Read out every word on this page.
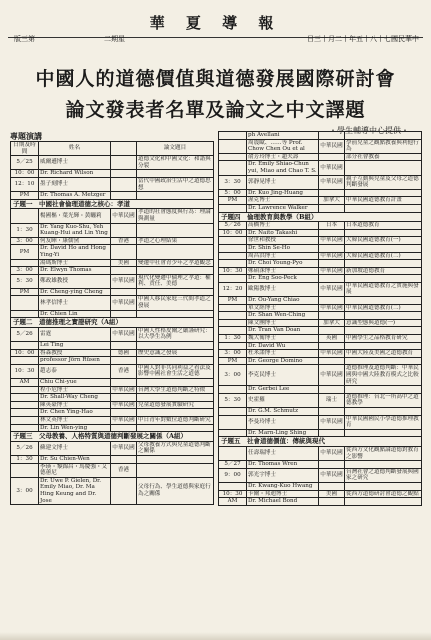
華 夏 導 報
版三第	二期星	日三十月二十年五十八十七國民華中
中國人的道德價值與道德發展國際研討會
論文發表者名單及論文之中文譯題
・學生輔導中心提供・
專題演講
日期及時間	姓名		論文題目
5／25	威爾遜博士		道德文化和中國文化：和諧與分裂
10：00	Dr. Richard Wilson		
12：10	墨子刻博士		當代中國政治生活中之道德思想
PM	Dr. Thomas A. Metzger		
子題一　中國社會倫理道德之核心：孝道			
	楊國樞・葉光輝・黃曬莉	中華民國	孝道的社會態度與行為：理論與測量
1：30	Dr. Yang Kuo-Shu, Yeh Kuang-Hui and Lin Ying		
3：00	何友暉・康儒黛	香港	孝道之心理結果
PM	Dr. David Ho and Hong Ying-Yi		
	湯瑪斯博士	美國	變遷中社會青少年之孝道觀念
3：00	Dr. Elwyn Thomas		
5：30	鄭政雄教授	中華民國	現代化變遷中倫理之孝道：權利、責任、美德
PM	Dr. Cheng-ying Cheng		
	林孝信博士	中華民國	中國人移民家庭三代間孝道之發展
	Dr. Chien Lin		
子題二　道德推理之實證研究（A組）			
5／26	雷霆	中華民國	中國人性格皮爾之嚴謹研究：以大學生為例
	Lei Ting		
10：00	魯森教授	德國	歷史意識之發展
	professor Jörn Rüsen		
10：30	趙志泰	香港	中國人對非共同利益之看法及影響中國社會生活之道德
AM	Chiu Chi-yue		
	程小危博士	中華民國	台灣大學生道德判斷之特徵
	Dr. Shall-Way Cheng		
	陳英豪博士	中華民國	兒童道德發展實驗研究
	Dr. Chen Ying-Hao		
	林文英博士	中華民國	中日青年對數位道德判斷研究
	Dr. Lin Wen-ying		
子題三　父母教養、人格特質與道德判斷發展之關係（A組）			
5／26	蘇建文博士	中華民國	父母教養方式與兒童道德判斷之關係
1：30	Dr. Su Chien-Wen		
	李瑛・黎錦昌・馬慶強・艾德蕙尼	香港	
3：00	Dr. Uwe P. Gielen, Dr. Emily Miao, Dr. Ma Hing Keung and Dr. Jose		父母行為、學生道德與家庭行為之關係
	ph Avellani		
	周震歐、……等 Prof. Chow Chen Ou et al	中華民國	學前兒童之觀點教養與利他行為
	俞芳玲博士・趙夫壽		部分社會教養
	Dr. Emily Shiao-Chun yui, Miao and Chao T. S.	中華民國	
3：30	郭靜晃博士	中華民國	親子互動與兒童及父母之道德判斷發展
5：00	Dr. Kuo Jing-Huang		
PM	渥克博士	加拿大	中華民國道德教育計畫
	Dr. Lawrence Walker		
子題四　倫理教育與教學（B組）			
5／26	高橋博士	日本	日本道德教育
10：00	Dr. Naito Takashi		
	徐世和教授	中華民國	大韓民國道德教育(一)
	Dr. Shin Se-Ho		
	周昌洪博士	中華民國	大韓民國道德教育(二)
	Dr. Choi Young-Pyo		
10：30	鄭碩洙博士	中華民國	新加坡道德教育
	Dr. Eng Soo-Peck		
12：20	歐陽教博士	中華民國	中華民國道德教育之實施與發展
PM	Dr. Ou-Yang Chiao		
	單文經博士	中華民國	中華民國道德教育(二)
	Dr. Shan Wen-Ching		
	陳文團博士	加拿大	意識型態與道德(一)
	Dr. Tran Van Doan		
1：30	魏大衛博士	英國	中國學生之品格教育研究
	Dr. David Wu		
3：00	杜米諾博士	中華民國	中國大陸及美國之道德教育
PM	Dr. George Domino		
3：00	李克民博士	中華民國	道德推理及道德判斷：中華民國與中國大陸教育模式之比較研究
	Dr. Gerbei Lee		
5：30	史霍羅	瑞士	道德推理：台北一所高中之道德教學
	Dr. G.M. Schmutz		
	李曼玲博士	中華民國	中華民國國民小學道德推理教育
	Dr. Marn-Ling Shing		
子題五　社會道德價值：傳統與現代			
	任壽瑞博士	中華民國	從西方文化觀點論道德對教育之影響
5／27	Dr. Thomas Wren		
9：00	郭光宇博士	中華民國	台灣社會之道德判斷發展與國家之研究
	Dr. Kwang-Kuo Hwang		
10：30	卡爾・邦迪博士	美國	從西方道德研討會道德之觀點
AM	Dr. Michael Bond		
